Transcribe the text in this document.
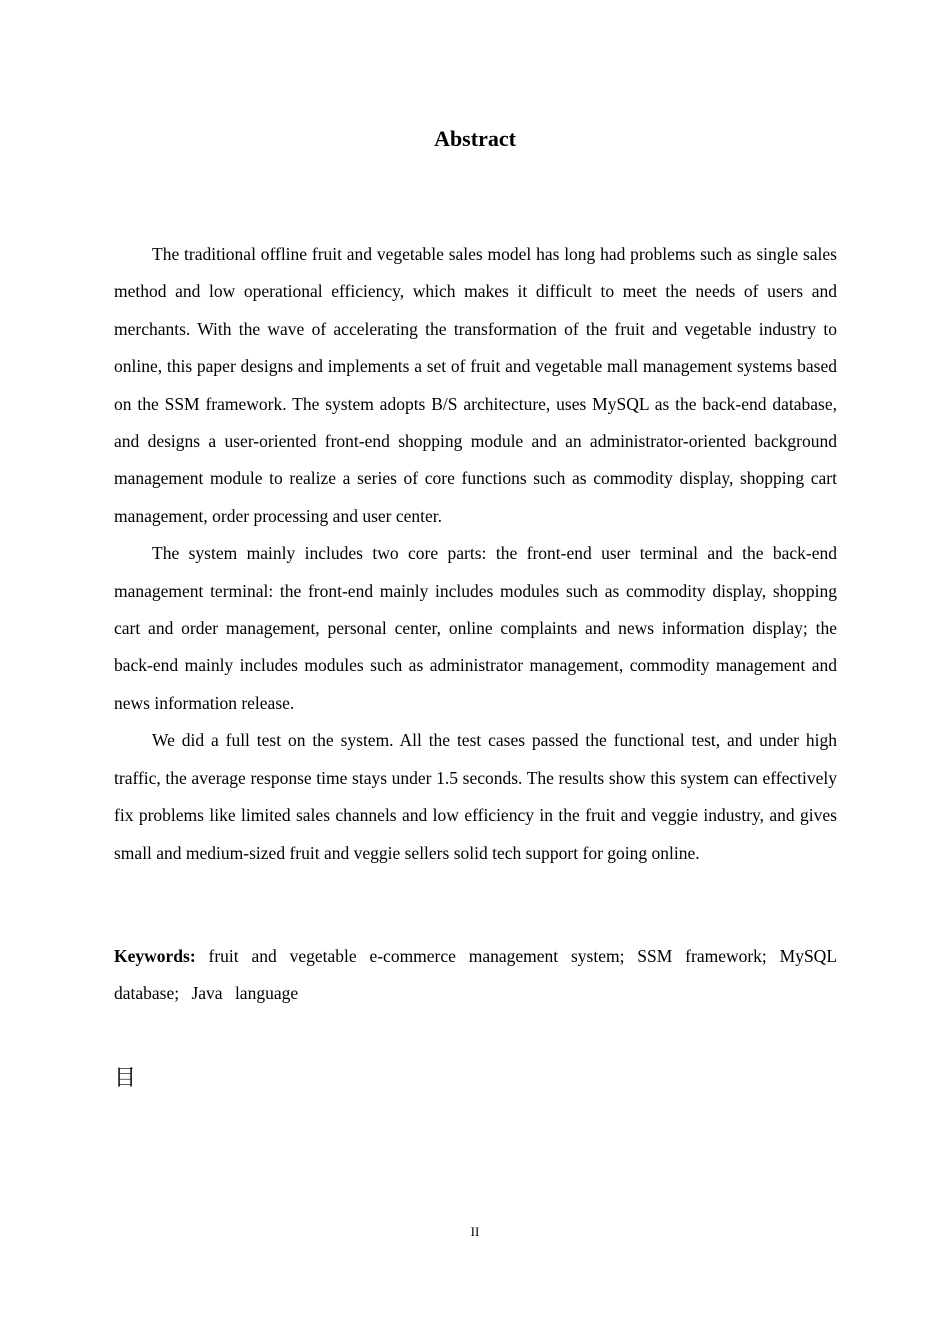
Abstract

The traditional offline fruit and vegetable sales model has long had problems such as single sales method and low operational efficiency, which makes it difficult to meet the needs of users and merchants. With the wave of accelerating the transformation of the fruit and vegetable industry to online, this paper designs and implements a set of fruit and vegetable mall management systems based on the SSM framework. The system adopts B/S architecture, uses MySQL as the back-end database, and designs a user-oriented front-end shopping module and an administrator-oriented background management module to realize a series of core functions such as commodity display, shopping cart management, order processing and user center.

The system mainly includes two core parts: the front-end user terminal and the back-end management terminal: the front-end mainly includes modules such as commodity display, shopping cart and order management, personal center, online complaints and news information display; the back-end mainly includes modules such as administrator management, commodity management and news information release.

We did a full test on the system. All the test cases passed the functional test, and under high traffic, the average response time stays under 1.5 seconds. The results show this system can effectively fix problems like limited sales channels and low efficiency in the fruit and veggie industry, and gives small and medium-sized fruit and veggie sellers solid tech support for going online.

Keywords: fruit and vegetable e-commerce management system; SSM framework; MySQL database; Java language
目
II
